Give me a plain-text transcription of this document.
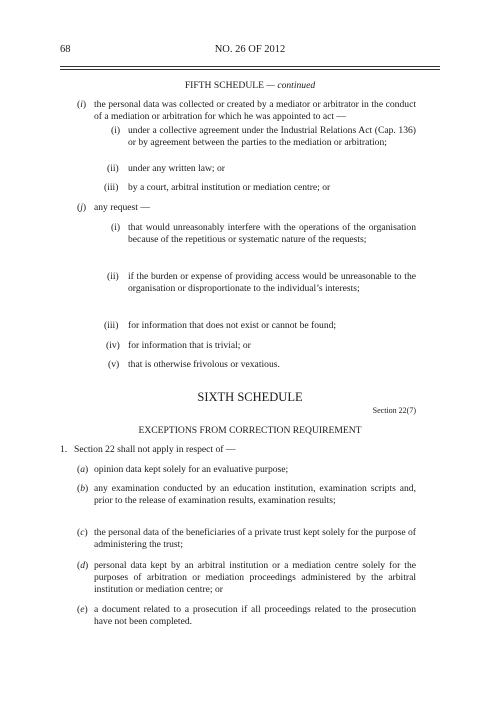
68	NO. 26 OF 2012
FIFTH SCHEDULE — continued
(i) the personal data was collected or created by a mediator or arbitrator in the conduct of a mediation or arbitration for which he was appointed to act —
(i) under a collective agreement under the Industrial Relations Act (Cap. 136) or by agreement between the parties to the mediation or arbitration;
(ii) under any written law; or
(iii) by a court, arbitral institution or mediation centre; or
(j) any request —
(i) that would unreasonably interfere with the operations of the organisation because of the repetitious or systematic nature of the requests;
(ii) if the burden or expense of providing access would be unreasonable to the organisation or disproportionate to the individual’s interests;
(iii) for information that does not exist or cannot be found;
(iv) for information that is trivial; or
(v) that is otherwise frivolous or vexatious.
SIXTH SCHEDULE
Section 22(7)
EXCEPTIONS FROM CORRECTION REQUIREMENT
1. Section 22 shall not apply in respect of —
(a) opinion data kept solely for an evaluative purpose;
(b) any examination conducted by an education institution, examination scripts and, prior to the release of examination results, examination results;
(c) the personal data of the beneficiaries of a private trust kept solely for the purpose of administering the trust;
(d) personal data kept by an arbitral institution or a mediation centre solely for the purposes of arbitration or mediation proceedings administered by the arbitral institution or mediation centre; or
(e) a document related to a prosecution if all proceedings related to the prosecution have not been completed.
